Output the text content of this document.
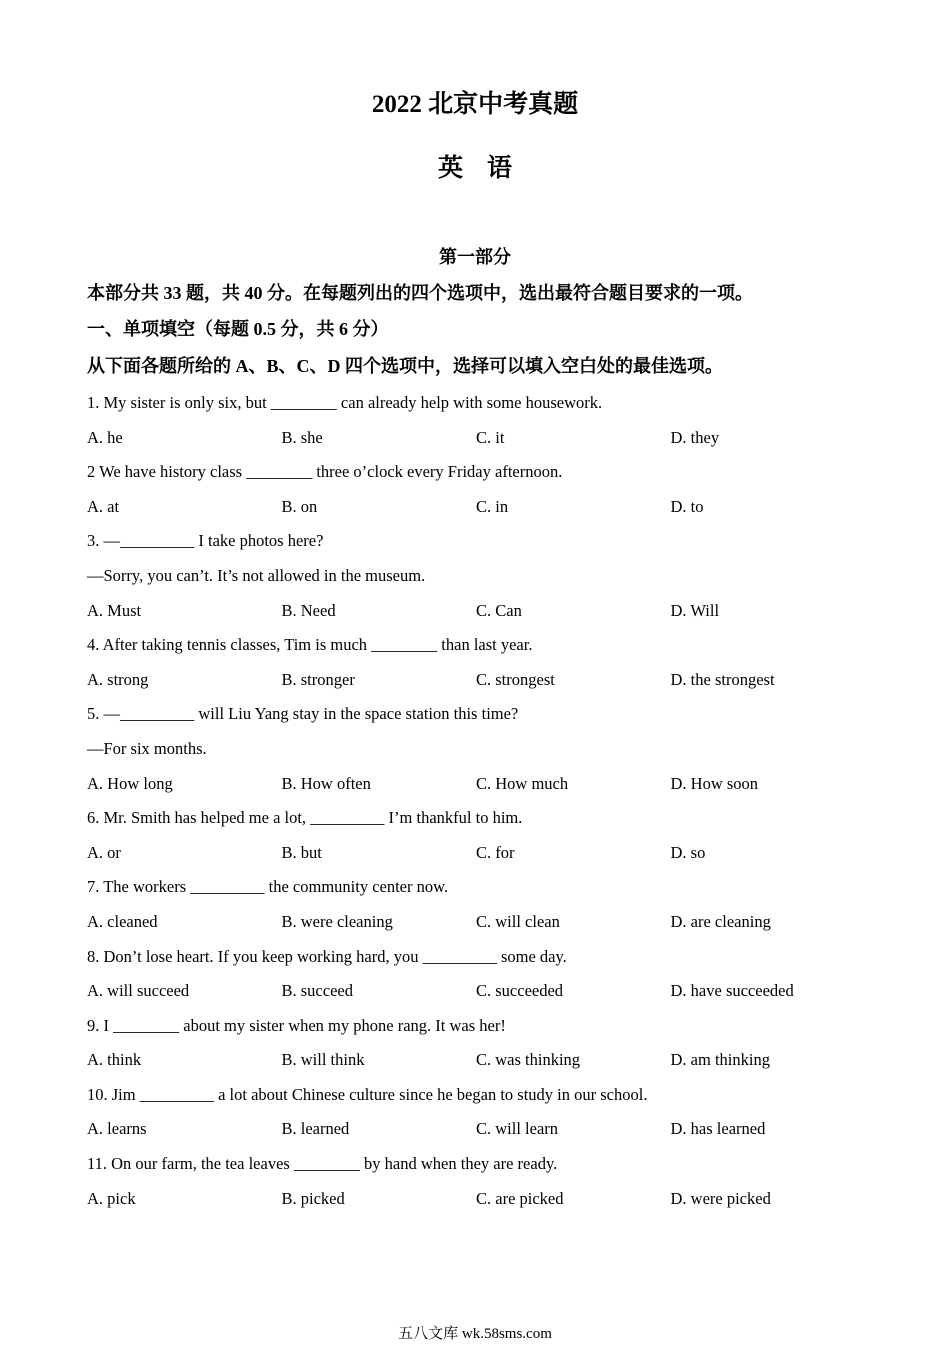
2022 北京中考真题
英语
第一部分
本部分共 33 题，共 40 分。在每题列出的四个选项中，选出最符合题目要求的一项。
一、单项填空（每题 0.5 分，共 6 分）
从下面各题所给的 A、B、C、D 四个选项中，选择可以填入空白处的最佳选项。
1. My sister is only six, but ________ can already help with some housework.
A. he	B. she	C. it	D. they
2 We have history class ________ three o’clock every Friday afternoon.
A. at	B. on	C. in	D. to
3. —_________ I take photos here?
—Sorry, you can’t. It’s not allowed in the museum.
A. Must	B. Need	C. Can	D. Will
4. After taking tennis classes, Tim is much ________ than last year.
A. strong	B. stronger	C. strongest	D. the strongest
5. —_________ will Liu Yang stay in the space station this time?
—For six months.
A. How long	B. How often	C. How much	D. How soon
6. Mr. Smith has helped me a lot, _________ I’m thankful to him.
A. or	B. but	C. for	D. so
7. The workers _________ the community center now.
A. cleaned	B. were cleaning	C. will clean	D. are cleaning
8. Don’t lose heart. If you keep working hard, you _________ some day.
A. will succeed	B. succeed	C. succeeded	D. have succeeded
9. I ________ about my sister when my phone rang. It was her!
A. think	B. will think	C. was thinking	D. am thinking
10. Jim _________ a lot about Chinese culture since he began to study in our school.
A. learns	B. learned	C. will learn	D. has learned
11. On our farm, the tea leaves ________ by hand when they are ready.
A. pick	B. picked	C. are picked	D. were picked
五八文库 wk.58sms.com
